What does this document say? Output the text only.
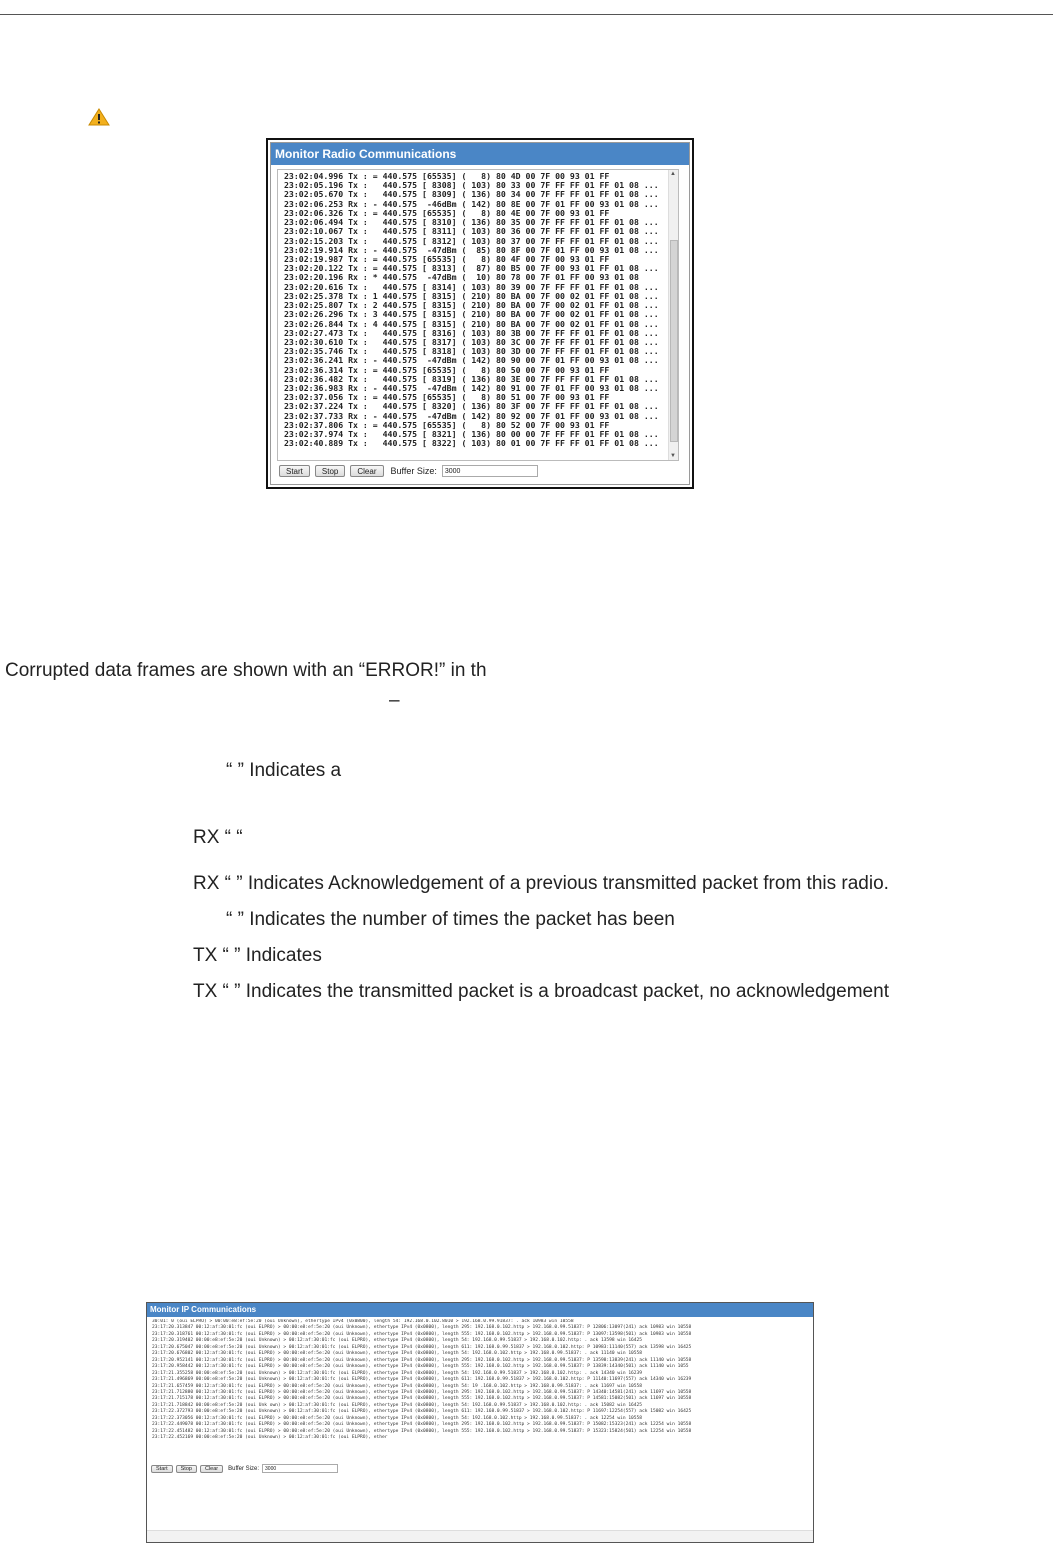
Monitor Radio Communications
23:02:04.996 Tx : = 440.575 [65535] (   8) 80 4D 00 7F 00 93 01 FF
23:02:05.196 Tx :   440.575 [ 8308] ( 103) 80 33 00 7F FF FF 01 FF 01 08 ...
23:02:05.670 Tx :   440.575 [ 8309] ( 136) 80 34 00 7F FF FF 01 FF 01 08 ...
23:02:06.253 Rx : - 440.575  -46dBm ( 142) 80 8E 00 7F 01 FF 00 93 01 08 ...
23:02:06.326 Tx : = 440.575 [65535] (   8) 80 4E 00 7F 00 93 01 FF
23:02:06.494 Tx :   440.575 [ 8310] ( 136) 80 35 00 7F FF FF 01 FF 01 08 ...
23:02:10.067 Tx :   440.575 [ 8311] ( 103) 80 36 00 7F FF FF 01 FF 01 08 ...
23:02:15.203 Tx :   440.575 [ 8312] ( 103) 80 37 00 7F FF FF 01 FF 01 08 ...
23:02:19.914 Rx : - 440.575  -47dBm (  85) 80 8F 00 7F 01 FF 00 93 01 08 ...
23:02:19.987 Tx : = 440.575 [65535] (   8) 80 4F 00 7F 00 93 01 FF
23:02:20.122 Tx : = 440.575 [ 8313] (  87) 80 B5 00 7F 00 93 01 FF 01 08 ...
23:02:20.196 Rx : * 440.575  -47dBm (  10) 80 78 00 7F 01 FF 00 93 01 08
23:02:20.616 Tx :   440.575 [ 8314] ( 103) 80 39 00 7F FF FF 01 FF 01 08 ...
23:02:25.378 Tx : 1 440.575 [ 8315] ( 210) 80 BA 00 7F 00 02 01 FF 01 08 ...
23:02:25.807 Tx : 2 440.575 [ 8315] ( 210) 80 BA 00 7F 00 02 01 FF 01 08 ...
23:02:26.296 Tx : 3 440.575 [ 8315] ( 210) 80 BA 00 7F 00 02 01 FF 01 08 ...
23:02:26.844 Tx : 4 440.575 [ 8315] ( 210) 80 BA 00 7F 00 02 01 FF 01 08 ...
23:02:27.473 Tx :   440.575 [ 8316] ( 103) 80 3B 00 7F FF FF 01 FF 01 08 ...
23:02:30.610 Tx :   440.575 [ 8317] ( 103) 80 3C 00 7F FF FF 01 FF 01 08 ...
23:02:35.746 Tx :   440.575 [ 8318] ( 103) 80 3D 00 7F FF FF 01 FF 01 08 ...
23:02:36.241 Rx : - 440.575  -47dBm ( 142) 80 90 00 7F 01 FF 00 93 01 08 ...
23:02:36.314 Tx : = 440.575 [65535] (   8) 80 50 00 7F 00 93 01 FF
23:02:36.482 Tx :   440.575 [ 8319] ( 136) 80 3E 00 7F FF FF 01 FF 01 08 ...
23:02:36.983 Rx : - 440.575  -47dBm ( 142) 80 91 00 7F 01 FF 00 93 01 08 ...
23:02:37.056 Tx : = 440.575 [65535] (   8) 80 51 00 7F 00 93 01 FF
23:02:37.224 Tx :   440.575 [ 8320] ( 136) 80 3F 00 7F FF FF 01 FF 01 08 ...
23:02:37.733 Rx : - 440.575  -47dBm ( 142) 80 92 00 7F 01 FF 00 93 01 08 ...
23:02:37.806 Tx : = 440.575 [65535] (   8) 80 52 00 7F 00 93 01 FF
23:02:37.974 Tx :   440.575 [ 8321] ( 136) 80 00 00 7F FF FF 01 FF 01 08 ...
23:02:40.889 Tx :   440.575 [ 8322] ( 103) 80 01 00 7F FF FF 01 FF 01 08 ...
▲
▼
Start	Stop	Clear	Buffer Size:
3000
Corrupted data frames are shown with an “ERROR!” in th
–
“ ” Indicates a
RX “ “
RX “ ” Indicates Acknowledgement of a previous transmitted packet from this radio.
“ ” Indicates the number of times the packet has been
TX “ ” Indicates
TX “ ” Indicates the transmitted packet is a broadcast packet, no acknowledgement
Monitor IP Communications
30:01: 0 (oui ELPRO) > 00:00:e8:ef:5e:20 (oui Unknown), ethertype IPv4 (0x0800), length 54: 192.168.0.102.8010 > 192.168.0.99.91837: . ack 10983 win 10558
23:17:20.313847 00:12:af:30:01:fc (oui ELPRO) > 00:00:e8:ef:5e:20 (oui Unknown), ethertype IPv4 (0x0800), length 295: 192.168.0.102.http > 192.168.0.99.51837: P 12806:13097(241) ack 10983 win 10558
23:17:20.318761 00:12:af:30:01:fc (oui ELPRO) > 00:00:e8:ef:5e:20 (oui Unknown), ethertype IPv4 (0x0800), length 555: 192.168.0.102.http > 192.168.0.99.51837: P 13097:13598(501) ack 10983 win 10558
23:17:20.319402 00:00:e8:ef:5e:20 (oui Unknown) > 00:12:af:30:01:fc (oui ELPRO), ethertype IPv4 (0x0800), length 54: 192.168.0.99.51837 > 192.168.0.102.http: . ack 13598 win 16425
23:17:20.675047 00:00:e8:ef:5e:20 (oui Unknown) > 00:12:af:30:01:fc (oui ELPRO), ethertype IPv4 (0x0800), length 611: 192.168.0.99.51837 > 192.168.0.102.http: P 10983:11140(557) ack 13598 win 16425
23:17:20.676802 00:12:af:30:01:fc (oui ELPRO) > 00:00:e8:ef:5e:20 (oui Unknown), ethertype IPv4 (0x0800), length 54: 192.168.0.102.http > 192.168.0.99.51837: . ack 11140 win 10558
23:17:20.952141 00:12:af:30:01:fc (oui ELPRO) > 00:00:e8:ef:5e:20 (oui Unknown), ethertype IPv4 (0x0800), length 295: 192.168.0.102.http > 192.168.0.99.51837: P 13598:13839(241) ack 11140 win 10558
23:17:20.958442 00:12:af:30:01:fc (oui ELPRO) > 00:00:e8:ef:5e:20 (oui Unknown), ethertype IPv4 (0x0800), length 555: 192.168.0.102.http > 192.168.0.99.51837: P 13839:14340(501) ack 11140 win 1055
23:17:21.355258 00:00:e8:ef:5e:20 (oui Unknown) > 00:12:af:30:01:fc (oui ELPRO), ethertype IPv4 (0x0800), length 54: 192.168.0.99.51837 > 192.168.0.102.http: . ack 14340 win 16239
23:17:21.496869 00:00:e8:ef:5e:20 (oui Unknown) > 00:12:af:30:01:fc (oui ELPRO), ethertype IPv4 (0x0800), length 611: 192.168.0.99.51837 > 192.168.0.102.http: P 11140:11697(557) ack 14340 win 16239
23:17:21.657459 00:12:af:30:01:fc (oui ELPRO) > 00:00:e8:ef:5e:20 (oui Unknown), ethertype IPv4 (0x0800), length 54: 19 .168.0.102.http > 192.168.0.99.51837: . ack 11697 win 10558
23:17:21.712880 00:12:af:30:01:fc (oui ELPRO) > 00:00:e8:ef:5e:20 (oui Unknown), ethertype IPv4 (0x0800), length 295: 192.168.0.102.http > 192.168.0.99.51837: P 14340:14581(241) ack 11697 win 10558
23:17:21.715178 00:12:af:30:01:fc (oui ELPRO) > 00:00:e8:ef:5e:20 (oui Unknown), ethertype IPv4 (0x0800), length 555: 192.168.0.102.http > 192.168.0.99.51837: P 14581:15082(501) ack 11697 win 10558
23:17:21.718842 00:00:e8:ef:5e:20 (oui Unk own) > 00:12:af:30:01:fc (oui ELPRO), ethertype IPv4 (0x0800), length 54: 192.168.0.99.51837 > 192.168.0.102.http: . ack 15082 win 16425
23:17:22.372793 00:00:e8:ef:5e:20 (oui Unknown) > 00:12:af:30:01:fc (oui ELPRO), ethertype IPv4 (0x0800), length 611: 192.168.0.99.51837 > 192.168.0.102.http: P 11697:12254(557) ack 15082 win 16425
23:17:22.373056 00:12:af:30:01:fc (oui ELPRO) > 00:00:e8:ef:5e:20 (oui Unknown), ethertype IPv4 (0x0800), length 54: 192.168.0.102.http > 192.168.0.99.51837: . ack 12254 win 10558
23:17:22.449078 00:12:af:30:01:fc (oui ELPRO) > 00:00:e8:ef:5e:20 (oui Unknown), ethertype IPv4 (0x0800), length 295: 192.168.0.102.http > 192.168.0.99.51837: P 15082:15323(241) ack 12254 win 10558
23:17:22.451482 00:12:af:30:01:fc (oui ELPRO) > 00:00:e8:ef:5e:20 (oui Unknown), ethertype IPv4 (0x0800), length 555: 192.168.0.102.http > 192.168.0.99.51837: P 15323:15824(501) ack 12254 win 10558
23:17:22.452169 00:00:e8:ef:5e:20 (oui Unknown) > 00:12:af:30:01:fc (oui ELPRO), ether
Start	Stop	Clear	Buffer Size:
3000
